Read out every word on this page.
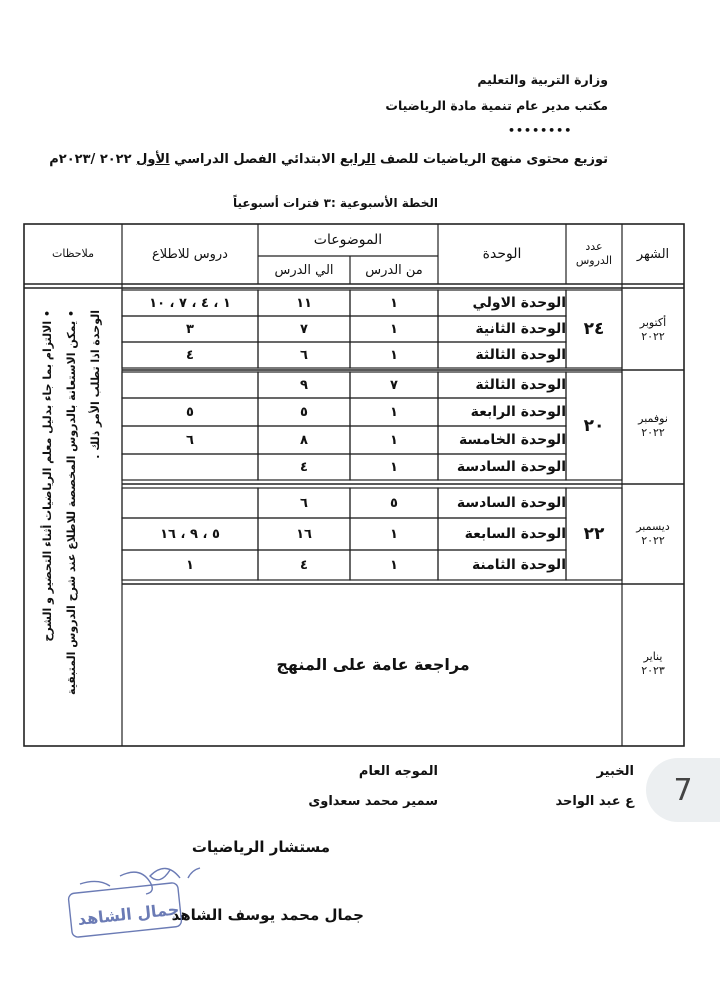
وزارة التربية والتعليم
مكتب مدير عام تنمية مادة الرياضيات
••••••••
توزيع محتوى منهج الرياضيات للصف الرابع الابتدائي الفصل الدراسي الأول ٢٠٢٢ /٢٠٢٣م
الخطة الأسبوعية :٣ فترات أسبوعياً
الشهر
عدد الدروس
الوحدة
الموضوعات
من الدرس
الي الدرس
دروس للاطلاع
ملاحظات
أكتوبر
٢٠٢٢
٢٤
نوفمبر
٢٠٢٢
٢٠
ديسمبر
٢٠٢٢
٢٢
يناير
٢٠٢٣
الوحدة الاولي
١
١١
١ ، ٤ ، ٧ ، ١٠
الوحدة الثانية
١
٧
٣
الوحدة الثالثة
١
٦
٤
الوحدة الثالثة
٧
٩
الوحدة الرابعة
١
٥
٥
الوحدة الخامسة
١
٨
٦
الوحدة السادسة
١
٤
الوحدة السادسة
٥
٦
الوحدة السابعة
١
١٦
٥ ، ٩ ، ١٦
الوحدة الثامنة
١
٤
١
• الالتزام بما جاء بدليل معلم الرياضيات أثناء التحضير و الشرح	• يمكن الاستعانة بالدروس المخصصة للاطلاع عند شرح الدروس المتبقية	الوحدة اذا تطلب الأمر ذلك .
مراجعة عامة على المنهج
الخبير
الموجه العام
ع عبد الواحد
سمير محمد سعداوى
مستشار الرياضيات
جمال محمد يوسف الشاهد
جمال الشاهد
7
